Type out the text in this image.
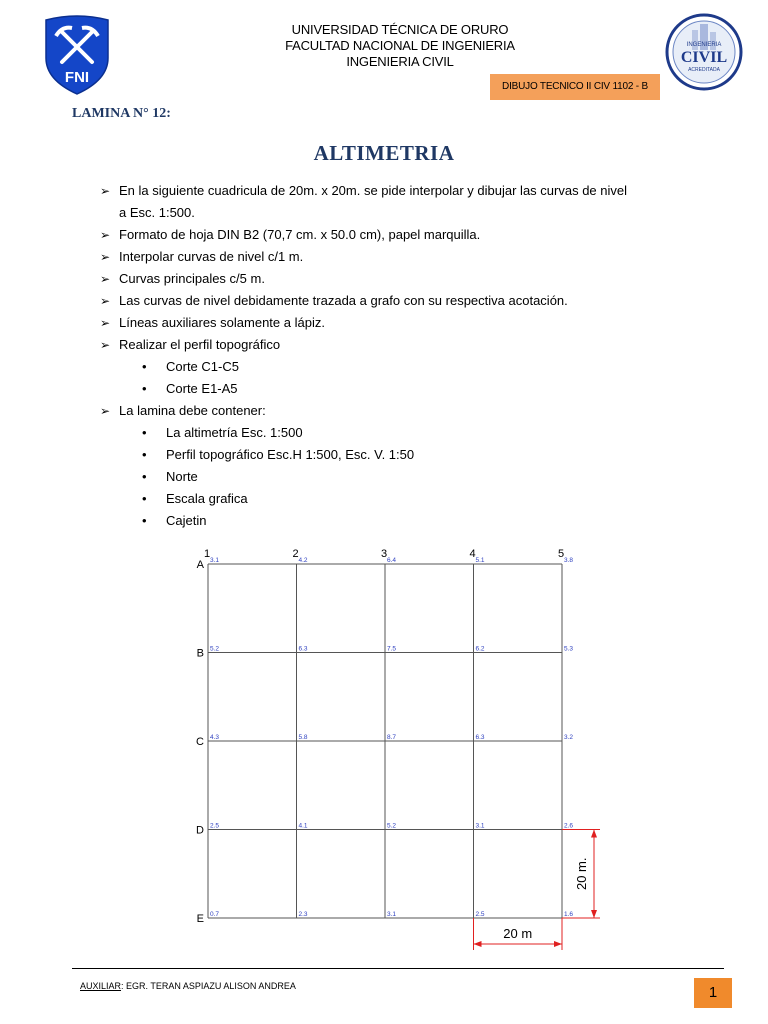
FNI
INGENIERIA
CIVIL
ACREDITADA
UNIVERSIDAD TÉCNICA DE ORURO
FACULTAD NACIONAL DE INGENIERIA
INGENIERIA CIVIL
DIBUJO TECNICO II CIV 1102 - B
LAMINA N° 12:
ALTIMETRIA
➢ En la siguiente cuadricula de 20m. x 20m. se pide interpolar y dibujar las curvas de nivel
a Esc. 1:500.
➢ Formato de hoja DIN B2 (70,7 cm. x 50.0 cm), papel marquilla.
➢ Interpolar curvas de nivel c/1 m.
➢ Curvas principales c/5 m.
➢ Las curvas de nivel debidamente trazada a grafo con su respectiva acotación.
➢ Líneas auxiliares solamente a lápiz.
➢ Realizar el perfil topográfico
• Corte C1-C5
• Corte E1-A5
➢ La lamina debe contener:
• La altimetría Esc. 1:500
• Perfil topográfico Esc.H 1:500, Esc. V. 1:50
• Norte
• Escala grafica
• Cajetin
1	2	3	4	5
A
B
C
D
E
3.1	4.2	6.4	5.1	3.8
5.2	6.3	7.5	6.2	5.3
4.3	5.8	8.7	6.3	3.2
2.5	4.1	5.2	3.1	2.6
0.7	2.3	3.1	2.5	1.6
20 m
20 m.
AUXILIAR: EGR. TERAN ASPIAZU ALISON ANDREA	1
